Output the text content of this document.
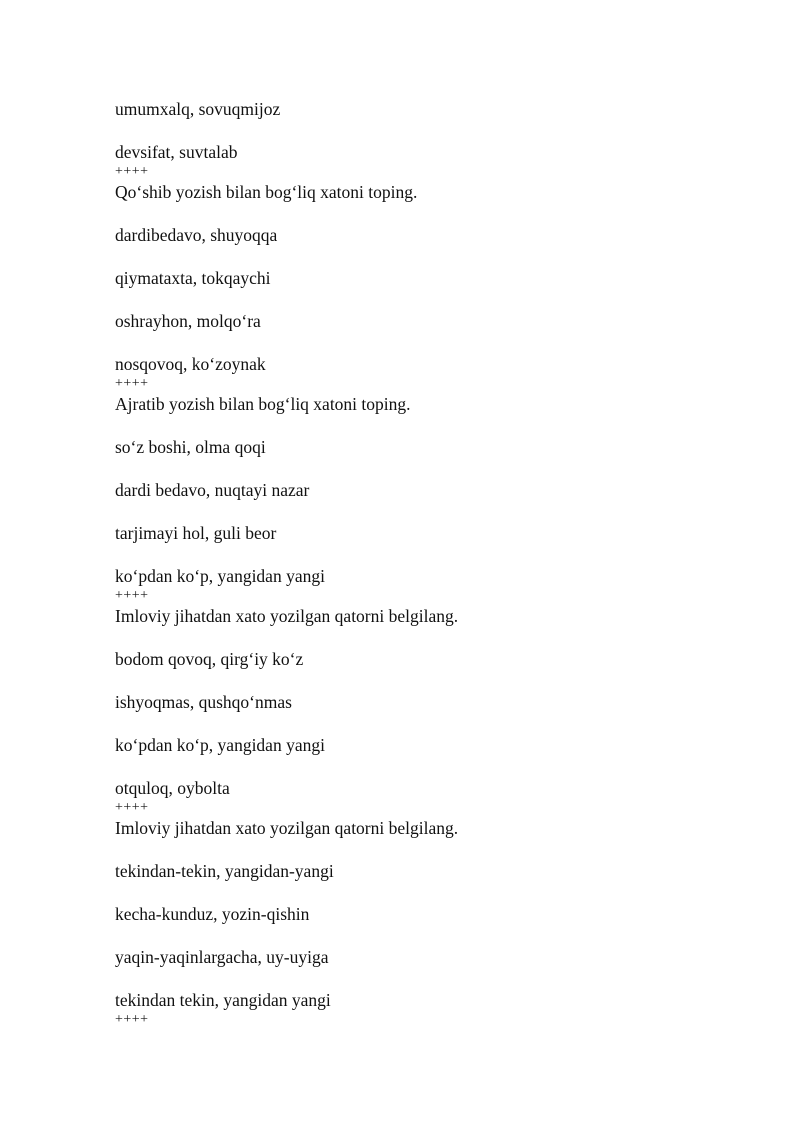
umumxalq, sovuqmijoz

devsifat, suvtalab

++++

Qo‘shib yozish bilan bog‘liq xatoni toping.

dardibedavo, shuyoqqa

qiymataxta, tokqaychi

oshrayhon, molqo‘ra

nosqovoq, ko‘zoynak

++++

Ajratib yozish bilan bog‘liq xatoni toping.

so‘z boshi, olma qoqi

dardi bedavo, nuqtayi nazar

tarjimayi hol, guli beor

ko‘pdan ko‘p, yangidan yangi

++++

Imloviy jihatdan xato yozilgan qatorni belgilang.

bodom qovoq, qirg‘iy ko‘z

ishyoqmas, qushqo‘nmas

ko‘pdan ko‘p, yangidan yangi

otquloq, oybolta

++++

Imloviy jihatdan xato yozilgan qatorni belgilang.

tekindan-tekin, yangidan-yangi

kecha-kunduz, yozin-qishin

yaqin-yaqinlargacha, uy-uyiga

tekindan tekin, yangidan yangi

++++
